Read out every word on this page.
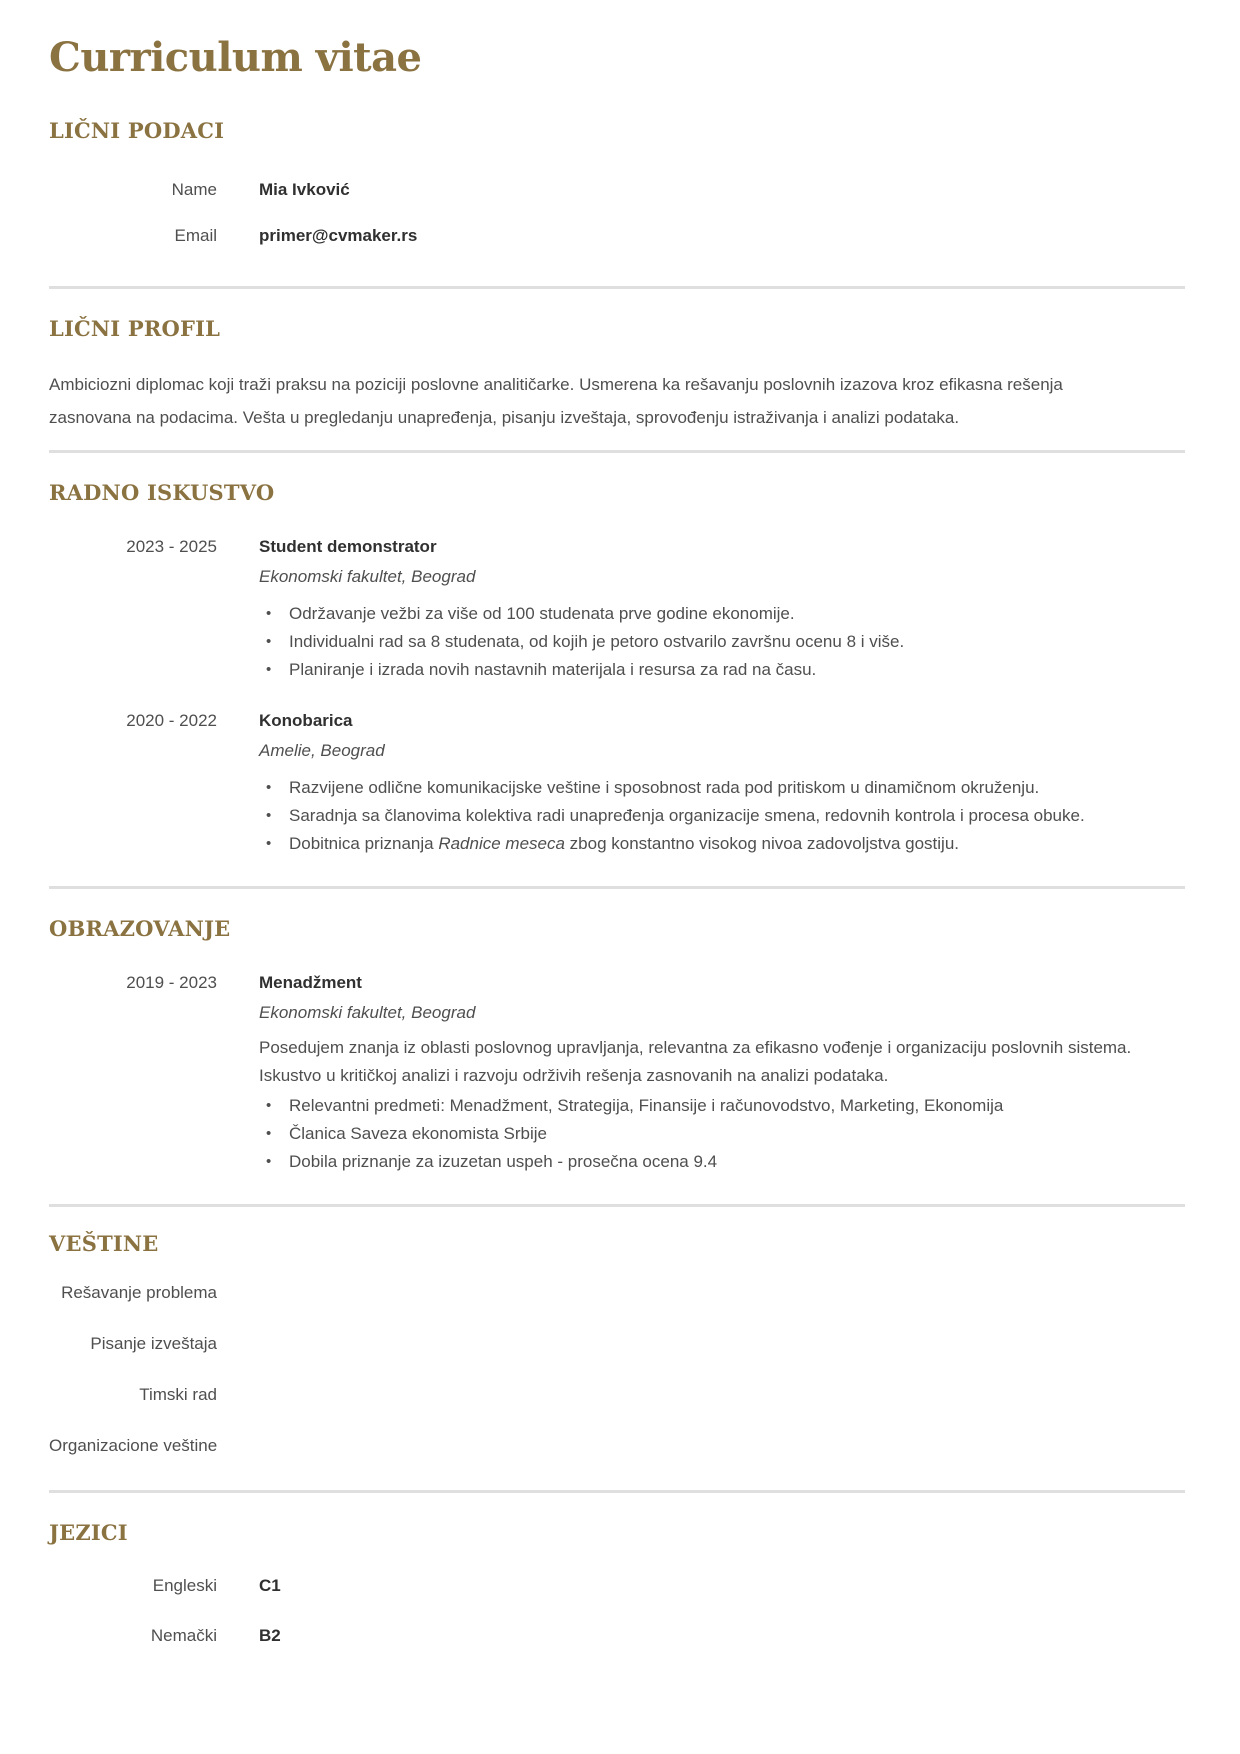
Curriculum vitae
LIČNI PODACI
Name Mia Ivković
Email primer@cvmaker.rs
LIČNI PROFIL

Ambiciozni diplomac koji traži praksu na poziciji poslovne analitičarke. Usmerena ka rešavanju poslovnih izazova kroz efikasna rešenja zasnovana na podacima. Vešta u pregledanju unapređenja, pisanju izveštaja, sprovođenju istraživanja i analizi podataka.

RADNO ISKUSTVO
2023 - 2025 Student demonstrator
Ekonomski fakultet, Beograd
• Održavanje vežbi za više od 100 studenata prve godine ekonomije.
• Individualni rad sa 8 studenata, od kojih je petoro ostvarilo završnu ocenu 8 i više.
• Planiranje i izrada novih nastavnih materijala i resursa za rad na času.
2020 - 2022 Konobarica
Amelie, Beograd
• Razvijene odlične komunikacijske veštine i sposobnost rada pod pritiskom u dinamičnom okruženju.
• Saradnja sa članovima kolektiva radi unapređenja organizacije smena, redovnih kontrola i procesa obuke.
• Dobitnica priznanja Radnice meseca zbog konstantno visokog nivoa zadovoljstva gostiju.
OBRAZOVANJE
2019 - 2023 Menadžment
Ekonomski fakultet, Beograd
Posedujem znanja iz oblasti poslovnog upravljanja, relevantna za efikasno vođenje i organizaciju poslovnih sistema. Iskustvo u kritičkoj analizi i razvoju održivih rešenja zasnovanih na analizi podataka.
• Relevantni predmeti: Menadžment, Strategija, Finansije i računovodstvo, Marketing, Ekonomija
• Članica Saveza ekonomista Srbije
• Dobila priznanje za izuzetan uspeh - prosečna ocena 9.4
VEŠTINE
Rešavanje problema
Pisanje izveštaja
Timski rad
Organizacione veštine
JEZICI
Engleski C1
Nemački B2
